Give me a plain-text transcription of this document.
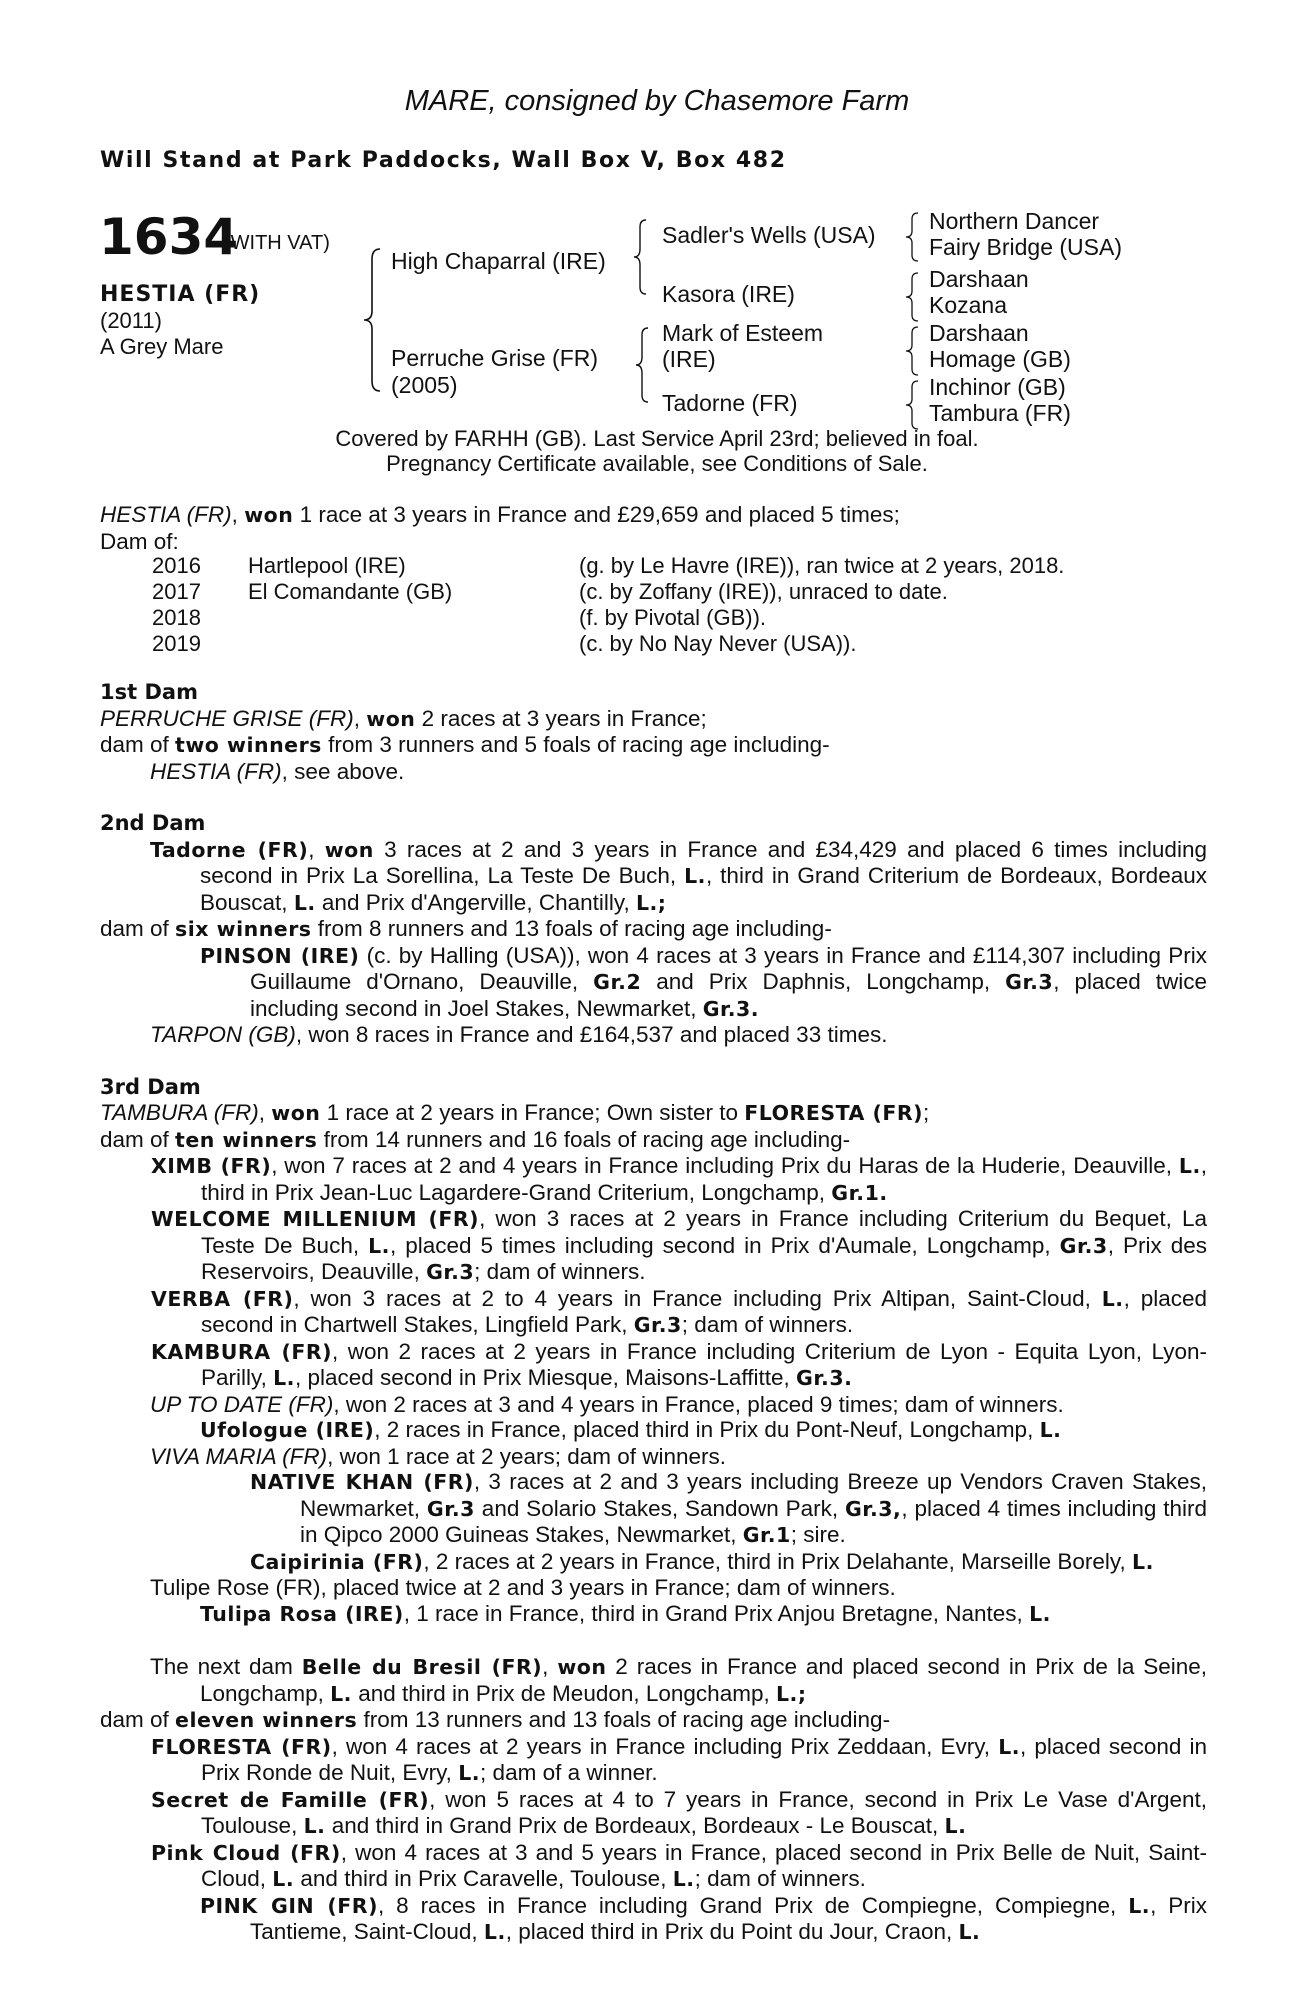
MARE, consigned by Chasemore Farm
Will Stand at Park Paddocks, Wall Box V, Box 482
1634
(WITH VAT)
HESTIA (FR)
(2011)
A Grey Mare
High Chaparral (IRE)
Perruche Grise (FR)
(2005)
Sadler's Wells (USA)
Kasora (IRE)
Mark of Esteem
(IRE)
Tadorne (FR)
Northern Dancer
Fairy Bridge (USA)
Darshaan
Kozana
Darshaan
Homage (GB)
Inchinor (GB)
Tambura (FR)
Covered by FARHH (GB). Last Service April 23rd; believed in foal.
Pregnancy Certificate available, see Conditions of Sale.

HESTIA (FR), won 1 race at 3 years in France and £29,659 and placed 5 times;

Dam of:

2016
2017
2018
2019
Hartlepool (IRE)
El Comandante (GB)
(g. by Le Havre (IRE)), ran twice at 2 years, 2018.
(c. by Zoffany (IRE)), unraced to date.
(f. by Pivotal (GB)).
(c. by No Nay Never (USA)).

1st Dam

PERRUCHE GRISE (FR), won 2 races at 3 years in France;

dam of two winners from 3 runners and 5 foals of racing age including-

HESTIA (FR), see above.

2nd Dam

Tadorne (FR), won 3 races at 2 and 3 years in France and £34,429 and placed 6 times including second in Prix La Sorellina, La Teste De Buch, L., third in Grand Criterium de Bordeaux, Bordeaux Bouscat, L. and Prix d'Angerville, Chantilly, L.;

dam of six winners from 8 runners and 13 foals of racing age including-

PINSON (IRE) (c. by Halling (USA)), won 4 races at 3 years in France and £114,307 including Prix Guillaume d'Ornano, Deauville, Gr.2 and Prix Daphnis, Longchamp, Gr.3, placed twice including second in Joel Stakes, Newmarket, Gr.3.

TARPON (GB), won 8 races in France and £164,537 and placed 33 times.

3rd Dam

TAMBURA (FR), won 1 race at 2 years in France; Own sister to FLORESTA (FR);

dam of ten winners from 14 runners and 16 foals of racing age including-

XIMB (FR), won 7 races at 2 and 4 years in France including Prix du Haras de la Huderie, Deauville, L., third in Prix Jean-Luc Lagardere-Grand Criterium, Longchamp, Gr.1.

WELCOME MILLENIUM (FR), won 3 races at 2 years in France including Criterium du Bequet, La Teste De Buch, L., placed 5 times including second in Prix d'Aumale, Longchamp, Gr.3, Prix des Reservoirs, Deauville, Gr.3; dam of winners.

VERBA (FR), won 3 races at 2 to 4 years in France including Prix Altipan, Saint-Cloud, L., placed second in Chartwell Stakes, Lingfield Park, Gr.3; dam of winners.

KAMBURA (FR), won 2 races at 2 years in France including Criterium de Lyon - Equita Lyon, Lyon-Parilly, L., placed second in Prix Miesque, Maisons-Laffitte, Gr.3.

UP TO DATE (FR), won 2 races at 3 and 4 years in France, placed 9 times; dam of winners.

Ufologue (IRE), 2 races in France, placed third in Prix du Pont-Neuf, Longchamp, L.

VIVA MARIA (FR), won 1 race at 2 years; dam of winners.

NATIVE KHAN (FR), 3 races at 2 and 3 years including Breeze up Vendors Craven Stakes, Newmarket, Gr.3 and Solario Stakes, Sandown Park, Gr.3,, placed 4 times including third in Qipco 2000 Guineas Stakes, Newmarket, Gr.1; sire.

Caipirinia (FR), 2 races at 2 years in France, third in Prix Delahante, Marseille Borely, L.

Tulipe Rose (FR), placed twice at 2 and 3 years in France; dam of winners.

Tulipa Rosa (IRE), 1 race in France, third in Grand Prix Anjou Bretagne, Nantes, L.

The next dam Belle du Bresil (FR), won 2 races in France and placed second in Prix de la Seine, Longchamp, L. and third in Prix de Meudon, Longchamp, L.;

dam of eleven winners from 13 runners and 13 foals of racing age including-

FLORESTA (FR), won 4 races at 2 years in France including Prix Zeddaan, Evry, L., placed second in Prix Ronde de Nuit, Evry, L.; dam of a winner.

Secret de Famille (FR), won 5 races at 4 to 7 years in France, second in Prix Le Vase d'Argent, Toulouse, L. and third in Grand Prix de Bordeaux, Bordeaux - Le Bouscat, L.

Pink Cloud (FR), won 4 races at 3 and 5 years in France, placed second in Prix Belle de Nuit, Saint-Cloud, L. and third in Prix Caravelle, Toulouse, L.; dam of winners.

PINK GIN (FR), 8 races in France including Grand Prix de Compiegne, Compiegne, L., Prix Tantieme, Saint-Cloud, L., placed third in Prix du Point du Jour, Craon, L.
